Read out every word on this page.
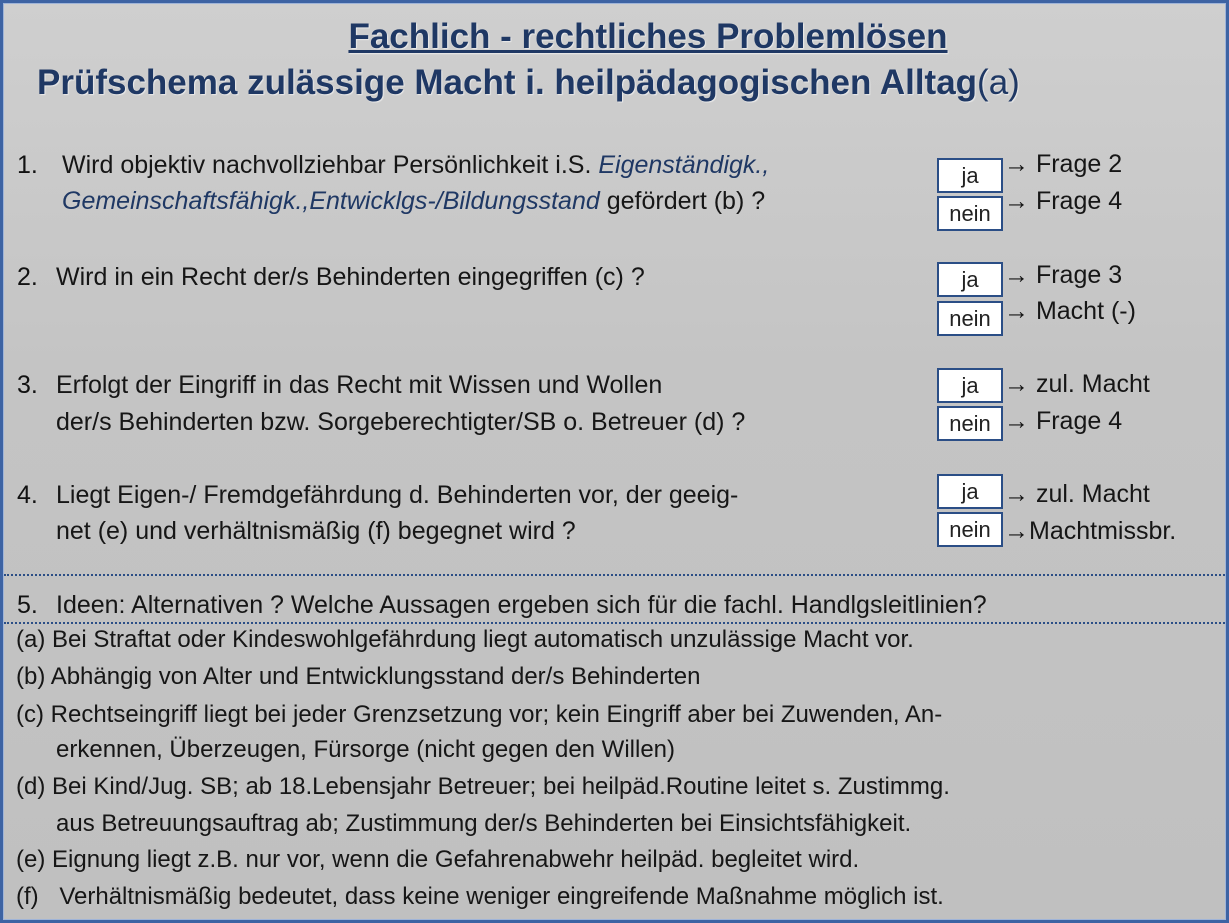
Fachlich - rechtliches Problemlösen
Prüfschema zulässige Macht i. heilpädagogischen Alltag(a)
1. Wird objektiv nachvollziehbar Persönlichkeit i.S. Eigenständigk.,
Gemeinschaftsfähigk.,Entwicklgs-/Bildungsstand gefördert (b) ?
ja
nein
→ Frage 2
→ Frage 4
2. Wird in ein Recht der/s Behinderten eingegriffen (c) ?	ja
nein
→ Frage 3
→ Macht (-)
3. Erfolgt der Eingriff in das Recht mit Wissen und Wollen
der/s Behinderten bzw. Sorgeberechtigter/SB o. Betreuer (d) ?
ja
nein
→ zul. Macht
→ Frage 4
4. Liegt Eigen-/ Fremdgefährdung d. Behinderten vor, der geeig-
net (e) und verhältnismäßig (f) begegnet wird ?
ja
nein
→ zul. Macht
→Machtmissbr.
5. Ideen: Alternativen ? Welche Aussagen ergeben sich für die fachl. Handlgsleitlinien?
(a) Bei Straftat oder Kindeswohlgefährdung liegt automatisch unzulässige Macht vor.
(b) Abhängig von Alter und Entwicklungsstand der/s Behinderten
(c) Rechtseingriff liegt bei jeder Grenzsetzung vor; kein Eingriff aber bei Zuwenden, An-
erkennen, Überzeugen, Fürsorge (nicht gegen den Willen)
(d) Bei Kind/Jug. SB; ab 18.Lebensjahr Betreuer; bei heilpäd.Routine leitet s. Zustimmg.
aus Betreuungsauftrag ab; Zustimmung der/s Behinderten bei Einsichtsfähigkeit.
(e) Eignung liegt z.B. nur vor, wenn die Gefahrenabwehr heilpäd. begleitet wird.
(f) Verhältnismäßig bedeutet, dass keine weniger eingreifende Maßnahme möglich ist.
